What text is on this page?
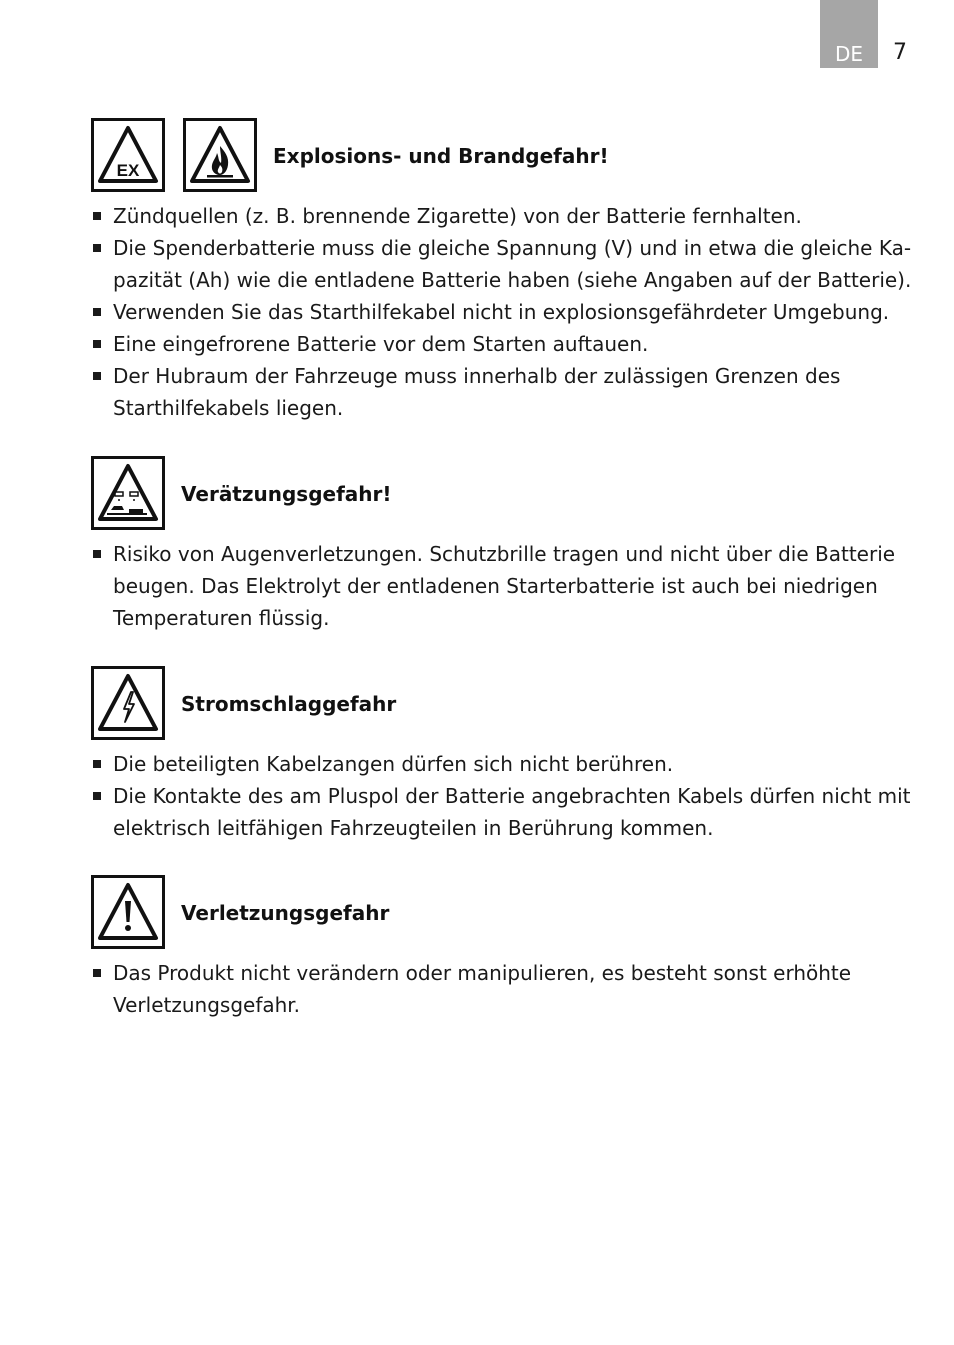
DE 7
EX
Explosions- und Brandgefahr!
Zündquellen (z. B. brennende Zigarette) von der Batterie fernhalten.
Die Spenderbatterie muss die gleiche Spannung (V) und in etwa die gleiche Kapazität (Ah) wie die entladene Batterie haben (siehe Angaben auf der Batterie).
Verwenden Sie das Starthilfekabel nicht in explosionsgefährdeter Umgebung.
Eine eingefrorene Batterie vor dem Starten auftauen.
Der Hubraum der Fahrzeuge muss innerhalb der zulässigen Grenzen des Starthilfekabels liegen.
Verätzungsgefahr!
Risiko von Augenverletzungen. Schutzbrille tragen und nicht über die Batterie beugen. Das Elektrolyt der entladenen Starterbatterie ist auch bei niedrigen Temperaturen flüssig.
Stromschlaggefahr
Die beteiligten Kabelzangen dürfen sich nicht berühren.
Die Kontakte des am Pluspol der Batterie angebrachten Kabels dürfen nicht mit elektrisch leitfähigen Fahrzeugteilen in Berührung kommen.
Verletzungsgefahr
Das Produkt nicht verändern oder manipulieren, es besteht sonst erhöhte Verletzungsgefahr.
